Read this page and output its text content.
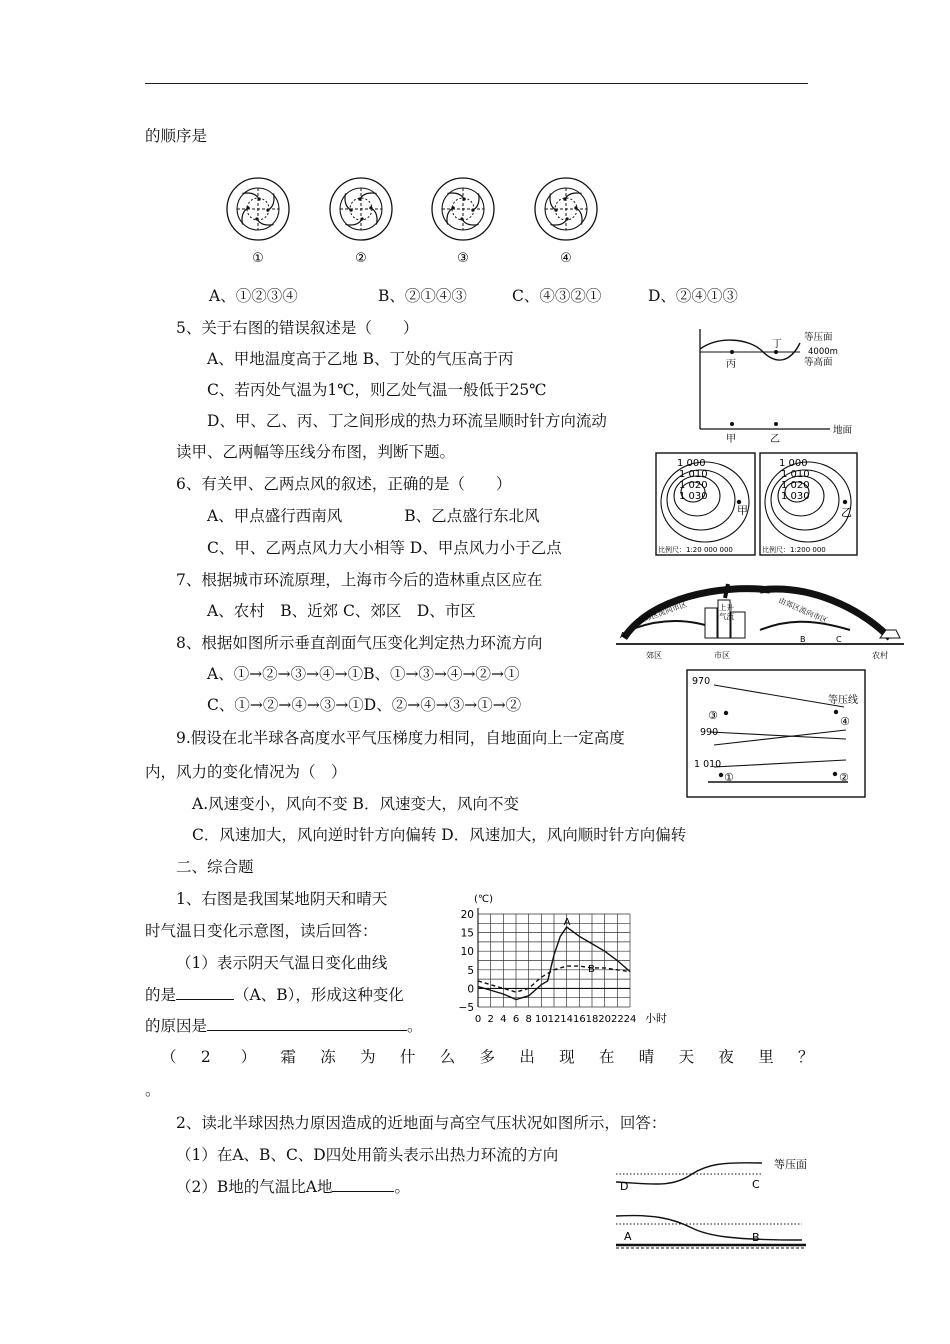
的顺序是
①	②	③	④
A、①②③④	B、②①④③	C、④③②①	D、②④①③
5、关于右图的错误叙述是（　　）
A、甲地温度高于乙地 B、丁处的气压高于丙
C、若丙处气温为1℃，则乙处气温一般低于25℃
D、甲、乙、丙、丁之间形成的热力环流呈顺时针方向流动
丁
丙
甲	乙
等压面
4000m
等高面
地面
读甲、乙两幅等压线分布图，判断下题。
6、有关甲、乙两点风的叙述，正确的是（　　）
A、甲点盛行西南风　　　　B、乙点盛行东北风
C、甲、乙两点风力大小相等 D、甲点风力小于乙点
1 000
1 010
1 020
1 030
1 000
1 010
1 020
1 030
甲	乙
比例尺：1:20 000 000	比例尺：1:200 000
7、根据城市环流原理，上海市今后的造林重点区应在
A、农村　B、近郊 C、郊区　D、市区	上升
气流
由郊区流向市区	由郊区流向市区
A	B	C
郊区	市区	农村
8、根据如图所示垂直剖面气压变化判定热力环流方向
A、①→②→③→④→①B、①→③→④→②→①
C、①→②→④→③→①D、②→④→③→①→②
970
990
1 010
等压线
③	④
①	②
9.假设在北半球各高度水平气压梯度力相同，自地面向上一定高度
内，风力的变化情况为（　）
A.风速变小，风向不变 B．风速变大，风向不变
C．风速加大，风向逆时针方向偏转 D．风速加大，风向顺时针方向偏转
二、综合题
1、右图是我国某地阴天和晴天
时气温日变化示意图，读后回答：
（1）表示阴天气温日变化曲线
的是	（A、B），形成这种变化
的原因是	。
A
B
20
15
10
5
0
−5
0 2 4 6 8 10 12 14 16 18 20 22 24
(℃)
小时
（ 2 ） 霜 冻 为 什 么 多 出 现 在 晴 天 夜 里 ？
。
2、读北半球因热力原因造成的近地面与高空气压状况如图所示，回答：
（1）在A、B、C、D四处用箭头表示出热力环流的方向
（2）B地的气温比A地	。
等压面
D	C
A	B
